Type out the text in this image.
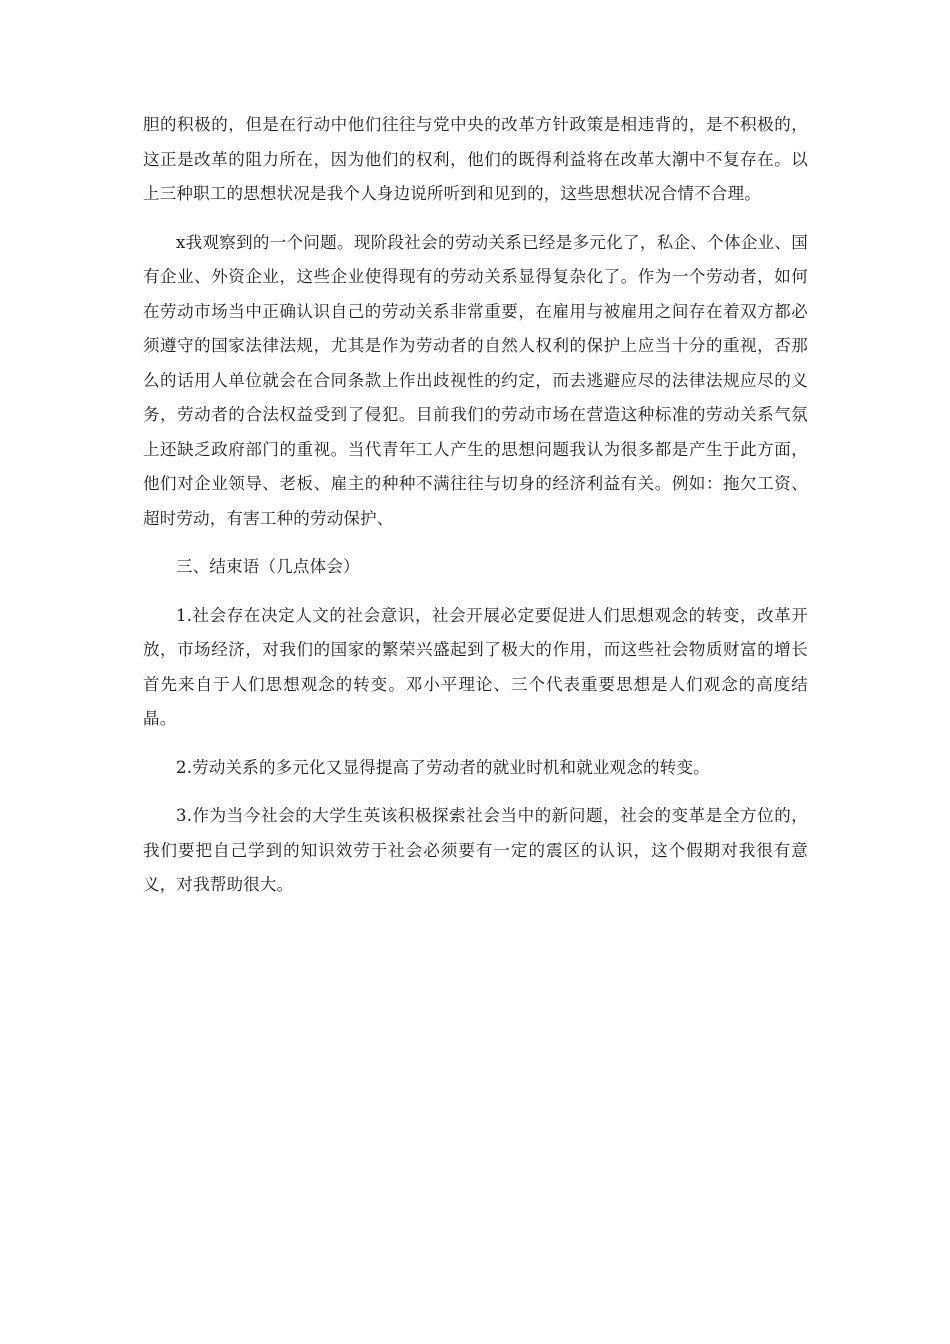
胆的积极的，但是在行动中他们往往与党中央的改革方针政策是相违背的，是不积极的，这正是改革的阻力所在，因为他们的权利，他们的既得利益将在改革大潮中不复存在。以上三种职工的思想状况是我个人身边说所听到和见到的，这些思想状况合情不合理。

x我观察到的一个问题。现阶段社会的劳动关系已经是多元化了，私企、个体企业、国有企业、外资企业，这些企业使得现有的劳动关系显得复杂化了。作为一个劳动者，如何在劳动市场当中正确认识自己的劳动关系非常重要，在雇用与被雇用之间存在着双方都必须遵守的国家法律法规，尤其是作为劳动者的自然人权利的保护上应当十分的重视，否那么的话用人单位就会在合同条款上作出歧视性的约定，而去逃避应尽的法律法规应尽的义务，劳动者的合法权益受到了侵犯。目前我们的劳动市场在营造这种标准的劳动关系气氛上还缺乏政府部门的重视。当代青年工人产生的思想问题我认为很多都是产生于此方面，他们对企业领导、老板、雇主的种种不满往往与切身的经济利益有关。例如：拖欠工资、超时劳动，有害工种的劳动保护、

三、结束语（几点体会）

1.社会存在决定人文的社会意识，社会开展必定要促进人们思想观念的转变，改革开放，市场经济，对我们的国家的繁荣兴盛起到了极大的作用，而这些社会物质财富的增长首先来自于人们思想观念的转变。邓小平理论、三个代表重要思想是人们观念的高度结晶。

2.劳动关系的多元化又显得提高了劳动者的就业时机和就业观念的转变。

3.作为当今社会的大学生英该积极探索社会当中的新问题，社会的变革是全方位的，我们要把自己学到的知识效劳于社会必须要有一定的震区的认识，这个假期对我很有意义，对我帮助很大。
